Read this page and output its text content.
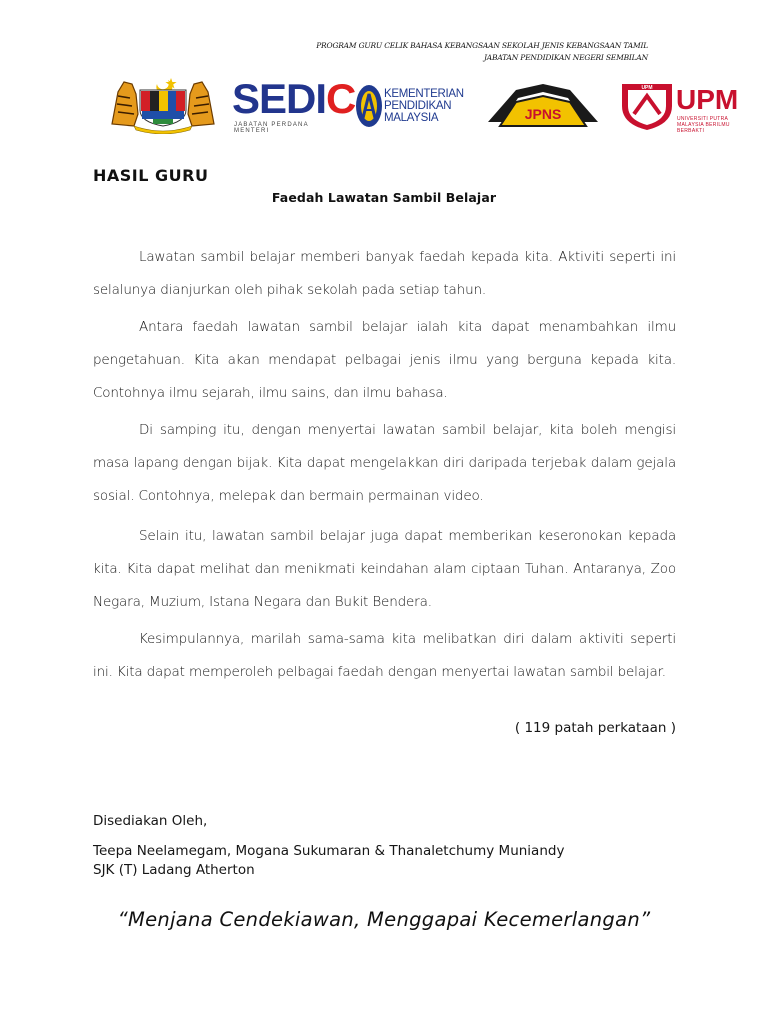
PROGRAM GURU CELIK BAHASA KEBANGSAAN SEKOLAH JENIS KEBANGSAAN TAMIL
JABATAN PENDIDIKAN NEGERI SEMBILAN
SEDIC
JABATAN PERDANA MENTERI
KEMENTERIAN PENDIDIKAN MALAYSIA	JPNS
UPM UPM
UNIVERSITI PUTRA MALAYSIA BERILMU BERBAKTI
HASIL GURU
Faedah Lawatan Sambil Belajar

Lawatan sambil belajar memberi banyak faedah kepada kita. Aktiviti seperti ini selalunya dianjurkan oleh pihak sekolah pada setiap tahun.

Antara faedah lawatan sambil belajar ialah kita dapat menambahkan ilmu pengetahuan. Kita akan mendapat pelbagai jenis ilmu yang berguna kepada kita. Contohnya ilmu sejarah, ilmu sains, dan ilmu bahasa.

Di samping itu, dengan menyertai lawatan sambil belajar, kita boleh mengisi masa lapang dengan bijak. Kita dapat mengelakkan diri daripada terjebak dalam gejala sosial. Contohnya, melepak dan bermain permainan video.

Selain itu, lawatan sambil belajar juga dapat memberikan keseronokan kepada kita. Kita dapat melihat dan menikmati keindahan alam ciptaan Tuhan. Antaranya, Zoo Negara, Muzium, Istana Negara dan Bukit Bendera.

Kesimpulannya, marilah sama-sama kita melibatkan diri dalam aktiviti seperti ini. Kita dapat memperoleh pelbagai faedah dengan menyertai lawatan sambil belajar.

( 119 patah perkataan )
Disediakan Oleh,
Teepa Neelamegam, Mogana Sukumaran & Thanaletchumy Muniandy
SJK (T) Ladang Atherton
“Menjana Cendekiawan, Menggapai Kecemerlangan”
